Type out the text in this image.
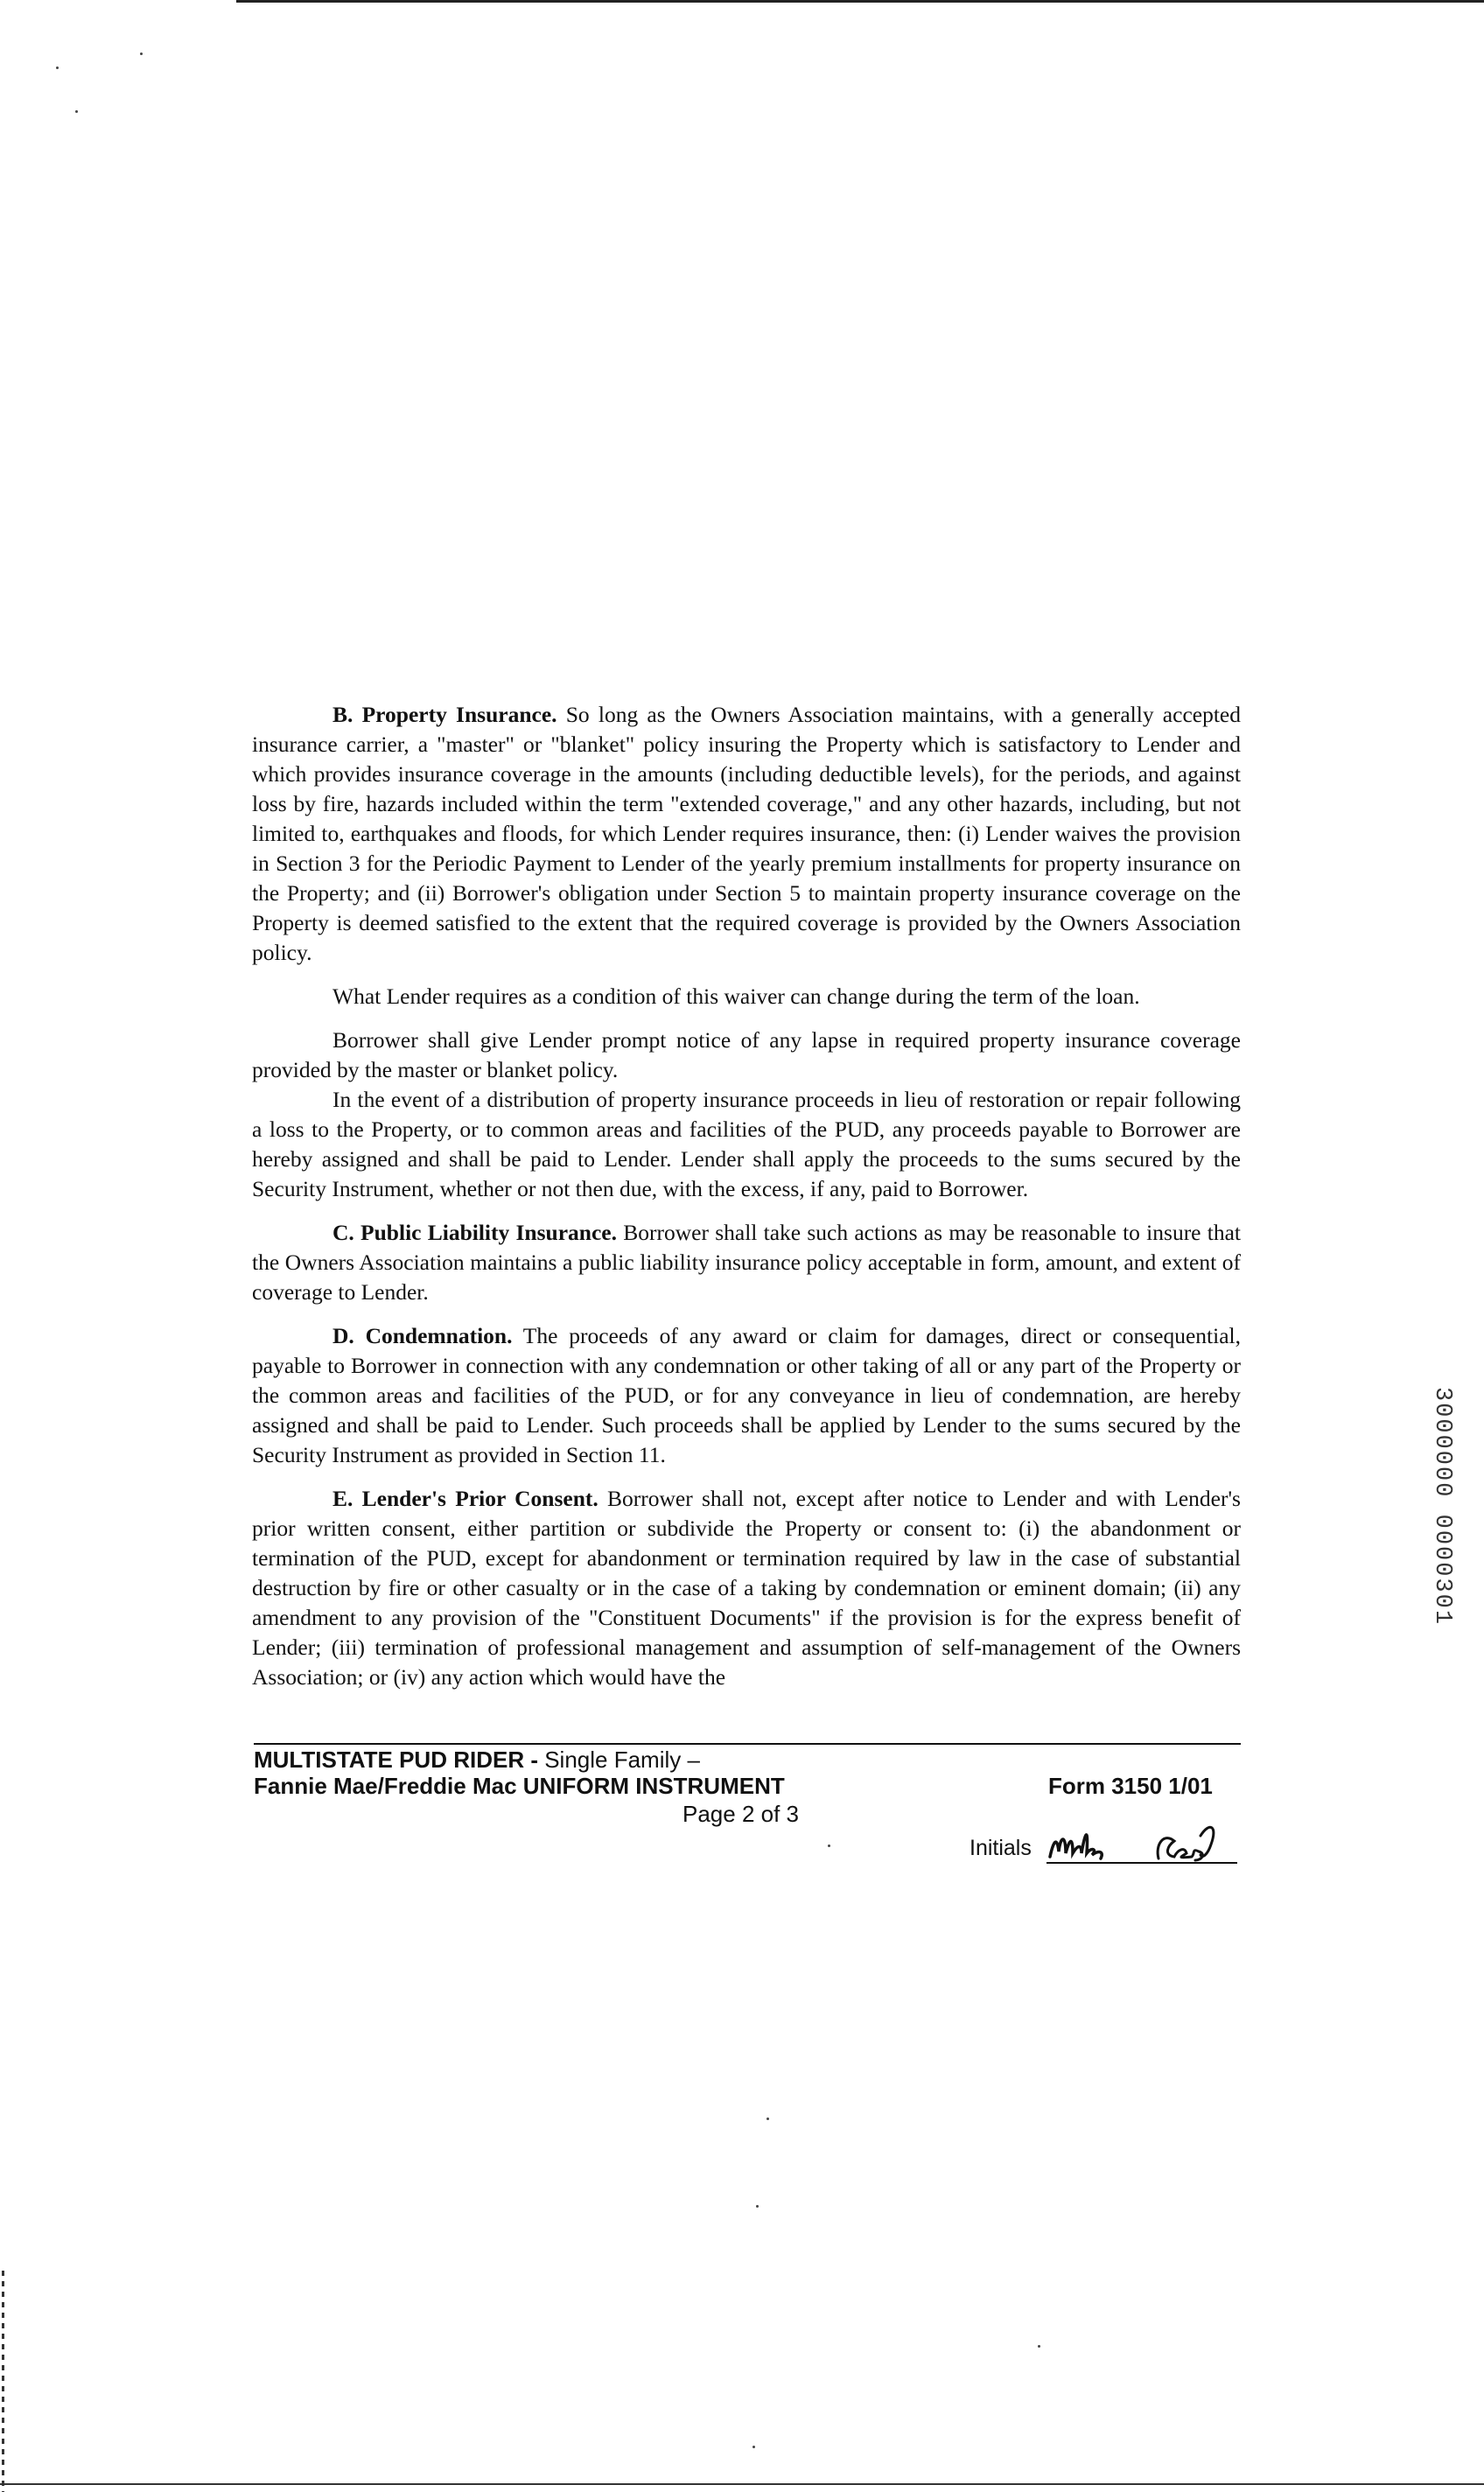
B. Property Insurance. So long as the Owners Association maintains, with a generally accepted insurance carrier, a "master" or "blanket" policy insuring the Property which is satisfactory to Lender and which provides insurance coverage in the amounts (including deductible levels), for the periods, and against loss by fire, hazards included within the term "extended coverage," and any other hazards, including, but not limited to, earthquakes and floods, for which Lender requires insurance, then: (i) Lender waives the provision in Section 3 for the Periodic Payment to Lender of the yearly premium installments for property insurance on the Property; and (ii) Borrower's obligation under Section 5 to maintain property insurance coverage on the Property is deemed satisfied to the extent that the required coverage is provided by the Owners Association policy.

What Lender requires as a condition of this waiver can change during the term of the loan.

Borrower shall give Lender prompt notice of any lapse in required property insurance coverage provided by the master or blanket policy.

In the event of a distribution of property insurance proceeds in lieu of restoration or repair following a loss to the Property, or to common areas and facilities of the PUD, any proceeds payable to Borrower are hereby assigned and shall be paid to Lender. Lender shall apply the proceeds to the sums secured by the Security Instrument, whether or not then due, with the excess, if any, paid to Borrower.

C. Public Liability Insurance. Borrower shall take such actions as may be reasonable to insure that the Owners Association maintains a public liability insurance policy acceptable in form, amount, and extent of coverage to Lender.

D. Condemnation. The proceeds of any award or claim for damages, direct or consequential, payable to Borrower in connection with any condemnation or other taking of all or any part of the Property or the common areas and facilities of the PUD, or for any conveyance in lieu of condemnation, are hereby assigned and shall be paid to Lender. Such proceeds shall be applied by Lender to the sums secured by the Security Instrument as provided in Section 11.

E. Lender's Prior Consent. Borrower shall not, except after notice to Lender and with Lender's prior written consent, either partition or subdivide the Property or consent to: (i) the abandonment or termination of the PUD, except for abandonment or termination required by law in the case of substantial destruction by fire or other casualty or in the case of a taking by condemnation or eminent domain; (ii) any amendment to any provision of the "Constituent Documents" if the provision is for the express benefit of Lender; (iii) termination of professional management and assumption of self-management of the Owners Association; or (iv) any action which would have the

3000000 0000301
MULTISTATE PUD RIDER - Single Family –
Fannie Mae/Freddie Mac UNIFORM INSTRUMENT
Page 2 of 3
Form 3150 1/01
Initials
